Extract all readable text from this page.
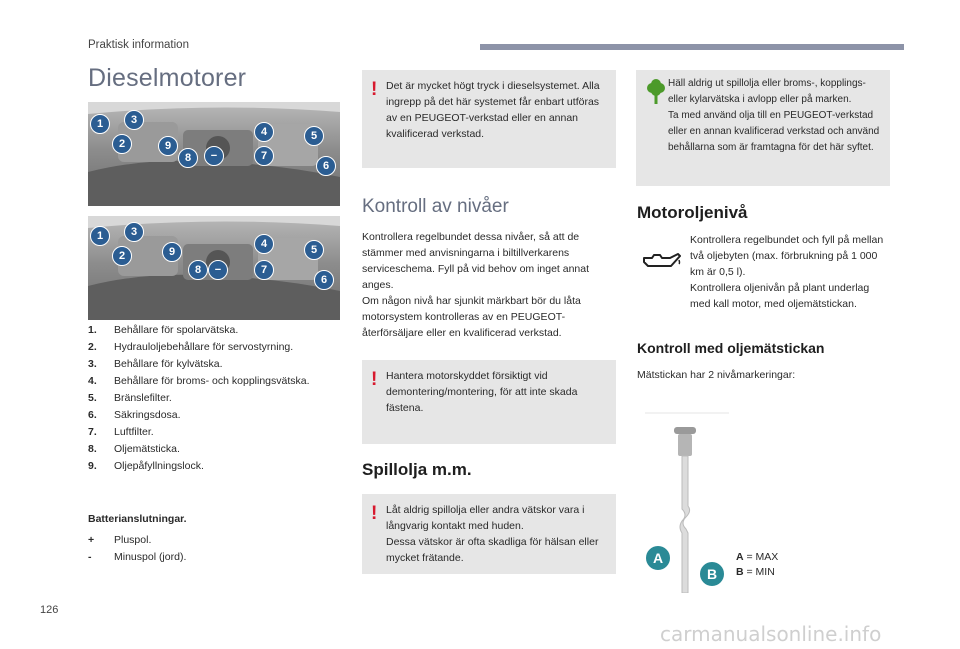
Praktisk information
Dieselmotorer
1	3
2	9
8	−
4
7
5
6
1	3
2	9
8	−
4
7
5
6
1.	Behållare för spolarvätska.
2.	Hydrauloljebehållare för servostyrning.
3.	Behållare för kylvätska.
4.	Behållare för broms- och kopplingsvätska.
5.	Bränslefilter.
6.	Säkringsdosa.
7.	Luftfilter.
8.	Oljemätsticka.
9.	Oljepåfyllningslock.
Batterianslutningar.
+	Pluspol.
-	Minuspol (jord).
! Det är mycket högt tryck i dieselsystemet. Alla ingrepp på det här systemet får enbart utföras av en PEUGEOT-verkstad eller en annan kvalificerad verkstad.
Kontroll av nivåer
Kontrollera regelbundet dessa nivåer, så att de stämmer med anvisningarna i biltillverkarens serviceschema. Fyll på vid behov om inget annat anges.
Om någon nivå har sjunkit märkbart bör du låta motorsystem kontrolleras av en PEUGEOT-återförsäljare eller en kvalificerad verkstad.
! Hantera motorskyddet försiktigt vid demontering/montering, för att inte skada fästena.
Spillolja m.m.
! Låt aldrig spillolja eller andra vätskor vara i långvarig kontakt med huden.
Dessa vätskor är ofta skadliga för hälsan eller mycket frätande.
Häll aldrig ut spillolja eller broms-, kopplings- eller kylarvätska i avlopp eller på marken.
Ta med använd olja till en PEUGEOT-verkstad eller en annan kvalificerad verkstad och använd behållarna som är framtagna för det här syftet.
Motoroljenivå
Kontrollera regelbundet och fyll på mellan två oljebyten (max. förbrukning på 1 000 km är 0,5 l).
Kontrollera oljenivån på plant underlag med kall motor, med oljemätstickan.
Kontroll med oljemätstickan
Mätstickan har 2 nivåmarkeringar:
A
B
A = MAX
B = MIN
126
carmanualsonline.info
